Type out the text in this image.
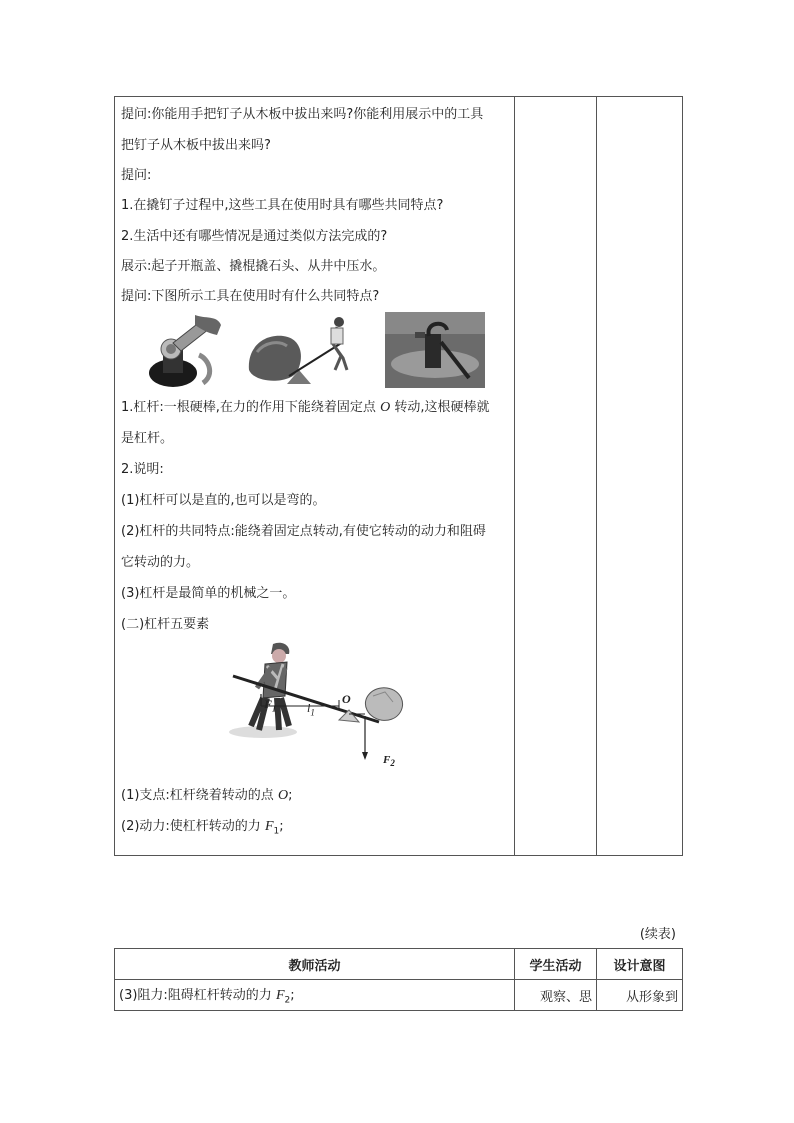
提问:你能用手把钉子从木板中拔出来吗?你能利用展示中的工具
把钉子从木板中拔出来吗?
提问:
1.在撬钉子过程中,这些工具在使用时具有哪些共同特点?
2.生活中还有哪些情况是通过类似方法完成的?
展示:起子开瓶盖、撬棍撬石头、从井中压水。
提问:下图所示工具在使用时有什么共同特点?
1.杠杆:一根硬棒,在力的作用下能绕着固定点 O 转动,这根硬棒就
是杠杆。
2.说明:
(1)杠杆可以是直的,也可以是弯的。
(2)杠杆的共同特点:能绕着固定点转动,有使它转动的动力和阻碍
它转动的力。
(3)杠杆是最简单的机械之一。
(二)杠杆五要素
$F_1$	$l_1$
O
$F_2$
(1)支点:杠杆绕着转动的点 O;
(2)动力:使杠杆转动的力 $F_1$;

(续表)
教师活动	学生活动	设计意图

(3)阻力:阻碍杠杆转动的力 $F_2$;	观察、思	从形象到
